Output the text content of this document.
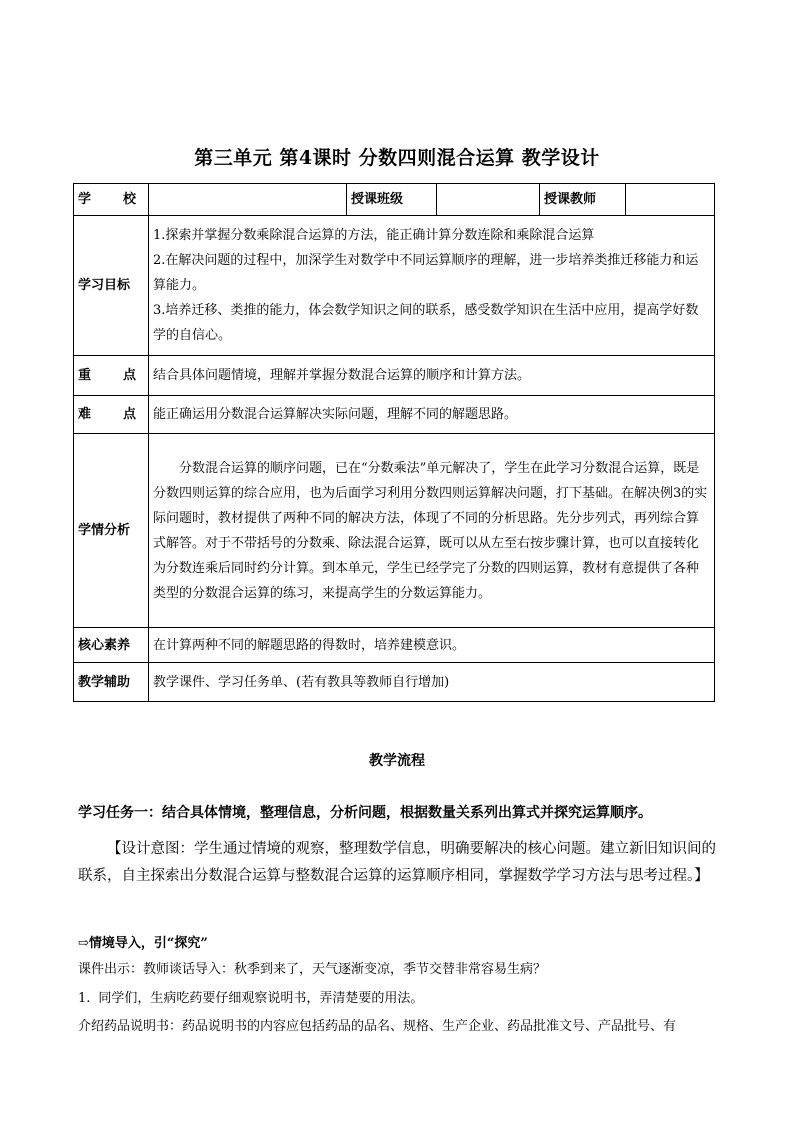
第三单元 第4课时 分数四则混合运算 教学设计
学 校		授课班级		授课教师	
学习目标	1.探索并掌握分数乘除混合运算的方法，能正确计算分数连除和乘除混合运算

2.在解决问题的过程中，加深学生对数学中不同运算顺序的理解，进一步培养类推迁移能力和运算能力。

3.培养迁移、类推的能力，体会数学知识之间的联系，感受数学知识在生活中应用，提高学好数学的自信心。				

重 点	结合具体问题情境，理解并掌握分数混合运算的顺序和计算方法。				

难 点	能正确运用分数混合运算解决实际问题，理解不同的解题思路。				
学情分析	分数混合运算的顺序问题，已在“分数乘法”单元解决了，学生在此学习分数混合运算，既是分数四则运算的综合应用，也为后面学习利用分数四则运算解决问题，打下基础。在解决例3的实际问题时，教材提供了两种不同的解决方法，体现了不同的分析思路。先分步列式，再列综合算式解答。对于不带括号的分数乘、除法混合运算，既可以从左至右按步骤计算，也可以直接转化为分数连乘后同时约分计算。到本单元，学生已经学完了分数的四则运算，教材有意提供了各种类型的分数混合运算的练习，来提高学生的分数运算能力。				

核心素养	在计算两种不同的解题思路的得数时，培养建模意识。				
教学辅助	教学课件、学习任务单、(若有教具等教师自行增加)				
教学流程
学习任务一：结合具体情境，整理信息，分析问题，根据数量关系列出算式并探究运算顺序。
【设计意图：学生通过情境的观察，整理数学信息，明确要解决的核心问题。建立新旧知识间的联系，自主探索出分数混合运算与整数混合运算的运算顺序相同，掌握数学学习方法与思考过程。】
⇨情境导入，引“探究”
课件出示：教师谈话导入：秋季到来了，天气逐渐变凉，季节交替非常容易生病？
1. 同学们，生病吃药要仔细观察说明书，弄清楚要的用法。
介绍药品说明书：药品说明书的内容应包括药品的品名、规格、生产企业、药品批准文号、产品批号、有
